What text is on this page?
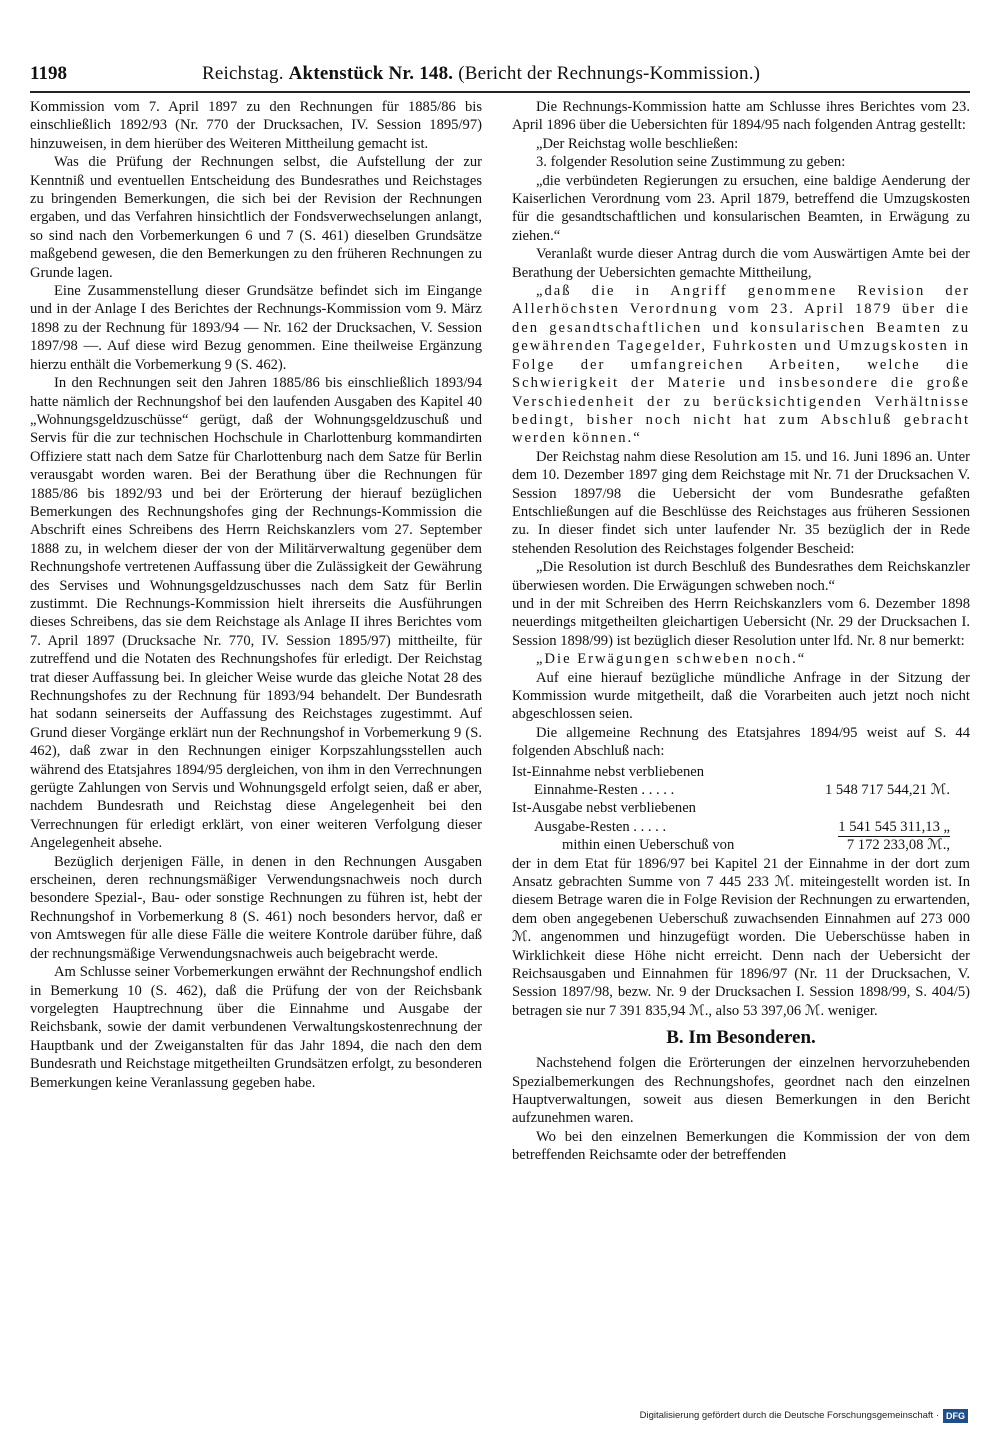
1198	Reichstag. Aktenstück Nr. 148. (Bericht der Rechnungs-Kommission.)

Kommission vom 7. April 1897 zu den Rechnungen für 1885/86 bis einschließlich 1892/93 (Nr. 770 der Drucksachen, IV. Session 1895/97) hinzuweisen, in dem hierüber des Weiteren Mittheilung gemacht ist.

Was die Prüfung der Rechnungen selbst, die Aufstellung der zur Kenntniß und eventuellen Entscheidung des Bundesrathes und Reichstages zu bringenden Bemerkungen, die sich bei der Revision der Rechnungen ergaben, und das Verfahren hinsichtlich der Fondsverwechselungen anlangt, so sind nach den Vorbemerkungen 6 und 7 (S. 461) dieselben Grundsätze maßgebend gewesen, die den Bemerkungen zu den früheren Rechnungen zu Grunde lagen.

Eine Zusammenstellung dieser Grundsätze befindet sich im Eingange und in der Anlage I des Berichtes der Rechnungs-Kommission vom 9. März 1898 zu der Rechnung für 1893/94 — Nr. 162 der Drucksachen, V. Session 1897/98 —. Auf diese wird Bezug genommen. Eine theilweise Ergänzung hierzu enthält die Vorbemerkung 9 (S. 462).

In den Rechnungen seit den Jahren 1885/86 bis einschließlich 1893/94 hatte nämlich der Rechnungshof bei den laufenden Ausgaben des Kapitel 40 „Wohnungsgeldzuschüsse“ gerügt, daß der Wohnungsgeldzuschuß und Servis für die zur technischen Hochschule in Charlottenburg kommandirten Offiziere statt nach dem Satze für Charlottenburg nach dem Satze für Berlin verausgabt worden waren. Bei der Berathung über die Rechnungen für 1885/86 bis 1892/93 und bei der Erörterung der hierauf bezüglichen Bemerkungen des Rechnungshofes ging der Rechnungs-Kommission die Abschrift eines Schreibens des Herrn Reichskanzlers vom 27. September 1888 zu, in welchem dieser der von der Militärverwaltung gegenüber dem Rechnungshofe vertretenen Auffassung über die Zulässigkeit der Gewährung des Servises und Wohnungsgeldzuschusses nach dem Satz für Berlin zustimmt. Die Rechnungs-Kommission hielt ihrerseits die Ausführungen dieses Schreibens, das sie dem Reichstage als Anlage II ihres Berichtes vom 7. April 1897 (Drucksache Nr. 770, IV. Session 1895/97) mittheilte, für zutreffend und die Notaten des Rechnungshofes für erledigt. Der Reichstag trat dieser Auffassung bei. In gleicher Weise wurde das gleiche Notat 28 des Rechnungshofes zu der Rechnung für 1893/94 behandelt. Der Bundesrath hat sodann seinerseits der Auffassung des Reichstages zugestimmt. Auf Grund dieser Vorgänge erklärt nun der Rechnungshof in Vorbemerkung 9 (S. 462), daß zwar in den Rechnungen einiger Korpszahlungsstellen auch während des Etatsjahres 1894/95 dergleichen, von ihm in den Verrechnungen gerügte Zahlungen von Servis und Wohnungsgeld erfolgt seien, daß er aber, nachdem Bundesrath und Reichstag diese Angelegenheit bei den Verrechnungen für erledigt erklärt, von einer weiteren Verfolgung dieser Angelegenheit absehe.

Bezüglich derjenigen Fälle, in denen in den Rechnungen Ausgaben erscheinen, deren rechnungsmäßiger Verwendungsnachweis noch durch besondere Spezial-, Bau- oder sonstige Rechnungen zu führen ist, hebt der Rechnungshof in Vorbemerkung 8 (S. 461) noch besonders hervor, daß er von Amtswegen für alle diese Fälle die weitere Kontrole darüber führe, daß der rechnungsmäßige Verwendungsnachweis auch beigebracht werde.

Am Schlusse seiner Vorbemerkungen erwähnt der Rechnungshof endlich in Bemerkung 10 (S. 462), daß die Prüfung der von der Reichsbank vorgelegten Hauptrechnung über die Einnahme und Ausgabe der Reichsbank, sowie der damit verbundenen Verwaltungskostenrechnung der Hauptbank und der Zweiganstalten für das Jahr 1894, die nach den dem Bundesrath und Reichstage mitgetheilten Grundsätzen erfolgt, zu besonderen Bemerkungen keine Veranlassung gegeben habe.

Die Rechnungs-Kommission hatte am Schlusse ihres Berichtes vom 23. April 1896 über die Uebersichten für 1894/95 nach folgenden Antrag gestellt:

„Der Reichstag wolle beschließen:

3. folgender Resolution seine Zustimmung zu geben:

„die verbündeten Regierungen zu ersuchen, eine baldige Aenderung der Kaiserlichen Verordnung vom 23. April 1879, betreffend die Umzugskosten für die gesandtschaftlichen und konsularischen Beamten, in Erwägung zu ziehen.“

Veranlaßt wurde dieser Antrag durch die vom Auswärtigen Amte bei der Berathung der Uebersichten gemachte Mittheilung,

„daß die in Angriff genommene Revision der Allerhöchsten Verordnung vom 23. April 1879 über die den gesandtschaftlichen und konsularischen Beamten zu gewährenden Tagegelder, Fuhrkosten und Umzugskosten in Folge der umfangreichen Arbeiten, welche die Schwierigkeit der Materie und insbesondere die große Verschiedenheit der zu berücksichtigenden Verhältnisse bedingt, bisher noch nicht hat zum Abschluß gebracht werden können.“

Der Reichstag nahm diese Resolution am 15. und 16. Juni 1896 an. Unter dem 10. Dezember 1897 ging dem Reichstage mit Nr. 71 der Drucksachen V. Session 1897/98 die Uebersicht der vom Bundesrathe gefaßten Entschließungen auf die Beschlüsse des Reichstages aus früheren Sessionen zu. In dieser findet sich unter laufender Nr. 35 bezüglich der in Rede stehenden Resolution des Reichstages folgender Bescheid:

„Die Resolution ist durch Beschluß des Bundesrathes dem Reichskanzler überwiesen worden. Die Erwägungen schweben noch.“

und in der mit Schreiben des Herrn Reichskanzlers vom 6. Dezember 1898 neuerdings mitgetheilten gleichartigen Uebersicht (Nr. 29 der Drucksachen I. Session 1898/99) ist bezüglich dieser Resolution unter lfd. Nr. 8 nur bemerkt:

„Die Erwägungen schweben noch.“

Auf eine hierauf bezügliche mündliche Anfrage in der Sitzung der Kommission wurde mitgetheilt, daß die Vorarbeiten auch jetzt noch nicht abgeschlossen seien.

Die allgemeine Rechnung des Etatsjahres 1894/95 weist auf S. 44 folgenden Abschluß nach:

Ist-Einnahme nebst verbliebenen
Einnahme-Resten . . . . .	1 548 717 544,21 ℳ.
Ist-Ausgabe nebst verbliebenen
Ausgabe-Resten . . . . .	1 541 545 311,13 „
mithin einen Ueberschuß von	7 172 233,08 ℳ.,

der in dem Etat für 1896/97 bei Kapitel 21 der Einnahme in der dort zum Ansatz gebrachten Summe von 7 445 233 ℳ. miteingestellt worden ist. In diesem Betrage waren die in Folge Revision der Rechnungen zu erwartenden, dem oben angegebenen Ueberschuß zuwachsenden Einnahmen auf 273 000 ℳ. angenommen und hinzugefügt worden. Die Ueberschüsse haben in Wirklichkeit diese Höhe nicht erreicht. Denn nach der Uebersicht der Reichsausgaben und Einnahmen für 1896/97 (Nr. 11 der Drucksachen, V. Session 1897/98, bezw. Nr. 9 der Drucksachen I. Session 1898/99, S. 404/5) betragen sie nur 7 391 835,94 ℳ., also 53 397,06 ℳ. weniger.

B. Im Besonderen.

Nachstehend folgen die Erörterungen der einzelnen hervorzuhebenden Spezialbemerkungen des Rechnungshofes, geordnet nach den einzelnen Hauptverwaltungen, soweit aus diesen Bemerkungen in den Bericht aufzunehmen waren.

Wo bei den einzelnen Bemerkungen die Kommission der von dem betreffenden Reichsamte oder der betreffenden

Digitalisierung gefördert durch die Deutsche Forschungsgemeinschaft · DFG
